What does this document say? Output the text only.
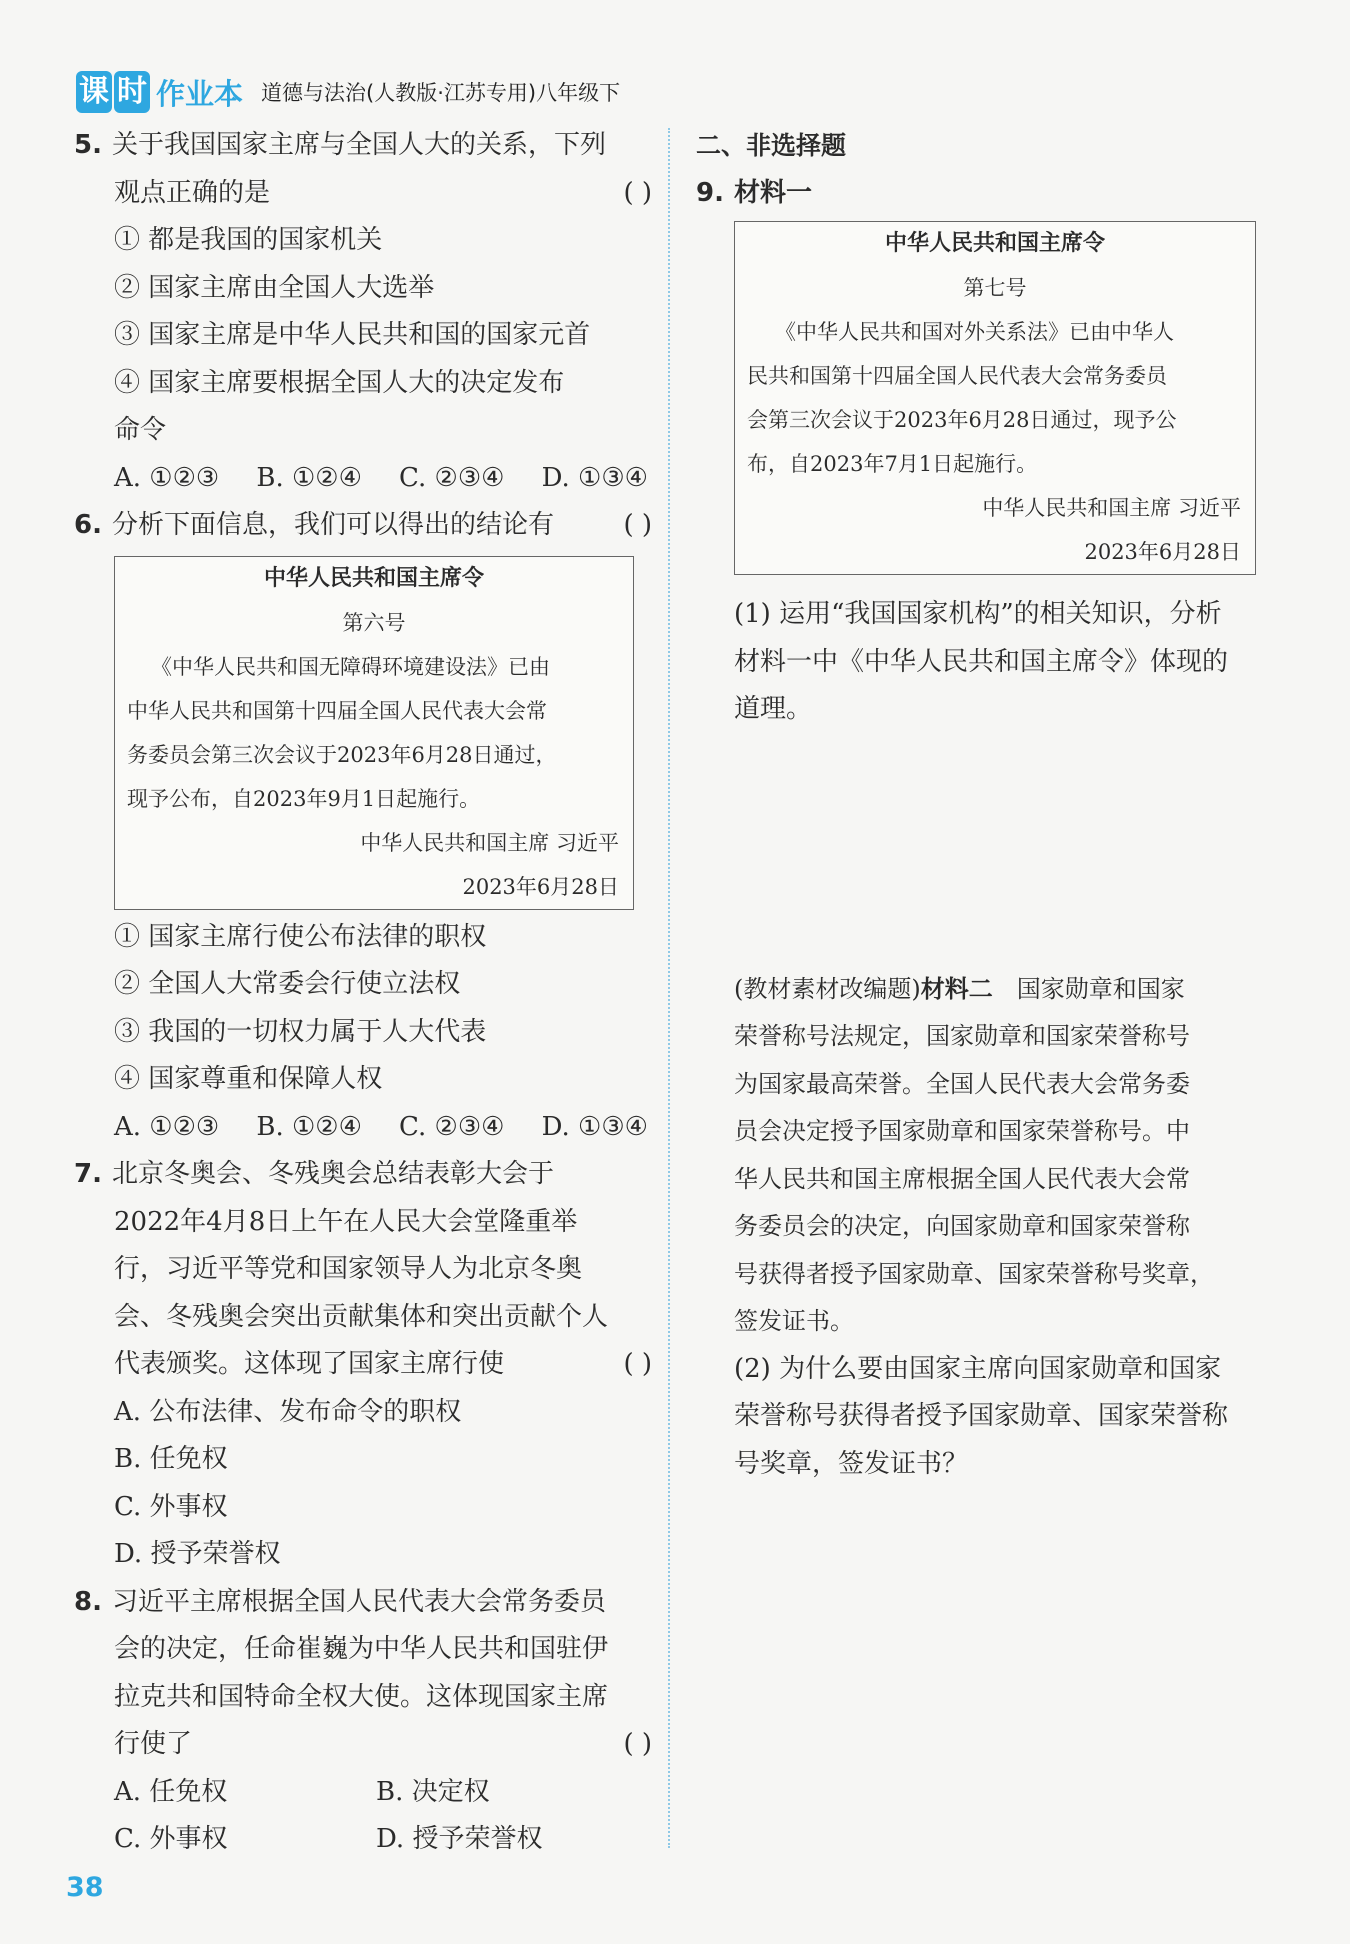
课 时 作业本 道德与法治(人教版·江苏专用)八年级下
5. 关于我国国家主席与全国人大的关系，下列
观点正确的是	( )
① 都是我国的国家机关
② 国家主席由全国人大选举
③ 国家主席是中华人民共和国的国家元首
④ 国家主席要根据全国人大的决定发布
命令
A. ①②③ B. ①②④ C. ②③④ D. ①③④
6. 分析下面信息，我们可以得出的结论有	( )
中华人民共和国主席令
第六号
《中华人民共和国无障碍环境建设法》已由
中华人民共和国第十四届全国人民代表大会常
务委员会第三次会议于2023年6月28日通过，
现予公布，自2023年9月1日起施行。
中华人民共和国主席 习近平
2023年6月28日
① 国家主席行使公布法律的职权
② 全国人大常委会行使立法权
③ 我国的一切权力属于人大代表
④ 国家尊重和保障人权
A. ①②③ B. ①②④ C. ②③④ D. ①③④
7. 北京冬奥会、冬残奥会总结表彰大会于
2022年4月8日上午在人民大会堂隆重举
行，习近平等党和国家领导人为北京冬奥
会、冬残奥会突出贡献集体和突出贡献个人
代表颁奖。这体现了国家主席行使	( )
A. 公布法律、发布命令的职权
B. 任免权
C. 外事权
D. 授予荣誉权
8. 习近平主席根据全国人民代表大会常务委员
会的决定，任命崔巍为中华人民共和国驻伊
拉克共和国特命全权大使。这体现国家主席
行使了	( )
A. 任免权	B. 决定权
C. 外事权	D. 授予荣誉权
二、非选择题
9. 材料一
中华人民共和国主席令
第七号
《中华人民共和国对外关系法》已由中华人
民共和国第十四届全国人民代表大会常务委员
会第三次会议于2023年6月28日通过，现予公
布，自2023年7月1日起施行。
中华人民共和国主席 习近平
2023年6月28日
(1) 运用“我国国家机构”的相关知识，分析
材料一中《中华人民共和国主席令》体现的
道理。
(教材素材改编题)材料二　国家勋章和国家
荣誉称号法规定，国家勋章和国家荣誉称号
为国家最高荣誉。全国人民代表大会常务委
员会决定授予国家勋章和国家荣誉称号。中
华人民共和国主席根据全国人民代表大会常
务委员会的决定，向国家勋章和国家荣誉称
号获得者授予国家勋章、国家荣誉称号奖章，
签发证书。
(2) 为什么要由国家主席向国家勋章和国家
荣誉称号获得者授予国家勋章、国家荣誉称
号奖章，签发证书？
38
